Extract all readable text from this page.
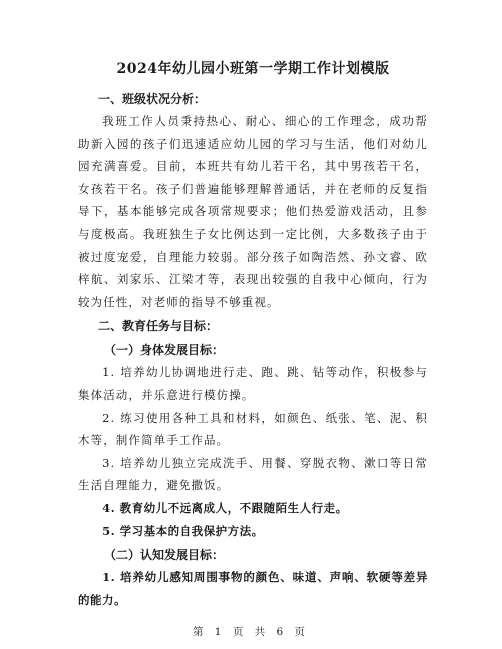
2024年幼儿园小班第一学期工作计划模版
一、班级状况分析：

我班工作人员秉持热心、耐心、细心的工作理念，成功帮助新入园的孩子们迅速适应幼儿园的学习与生活，他们对幼儿园充满喜爱。目前，本班共有幼儿若干名，其中男孩若干名，女孩若干名。孩子们普遍能够理解普通话，并在老师的反复指导下，基本能够完成各项常规要求；他们热爱游戏活动，且参与度极高。我班独生子女比例达到一定比例，大多数孩子由于被过度宠爱，自理能力较弱。部分孩子如陶浩然、孙文睿、欧梓航、刘家乐、江梁才等，表现出较强的自我中心倾向，行为较为任性，对老师的指导不够重视。

二、教育任务与目标：
（一）身体发展目标：

1. 培养幼儿协调地进行走、跑、跳、钻等动作，积极参与集体活动，并乐意进行模仿操。

2. 练习使用各种工具和材料，如颜色、纸张、笔、泥、积木等，制作简单手工作品。

3. 培养幼儿独立完成洗手、用餐、穿脱衣物、漱口等日常生活自理能力，避免撒饭。

4. 教育幼儿不远离成人，不跟随陌生人行走。

5. 学习基本的自我保护方法。

（二）认知发展目标：

1. 培养幼儿感知周围事物的颜色、味道、声响、软硬等差异的能力。

第 1 页 共 6 页
